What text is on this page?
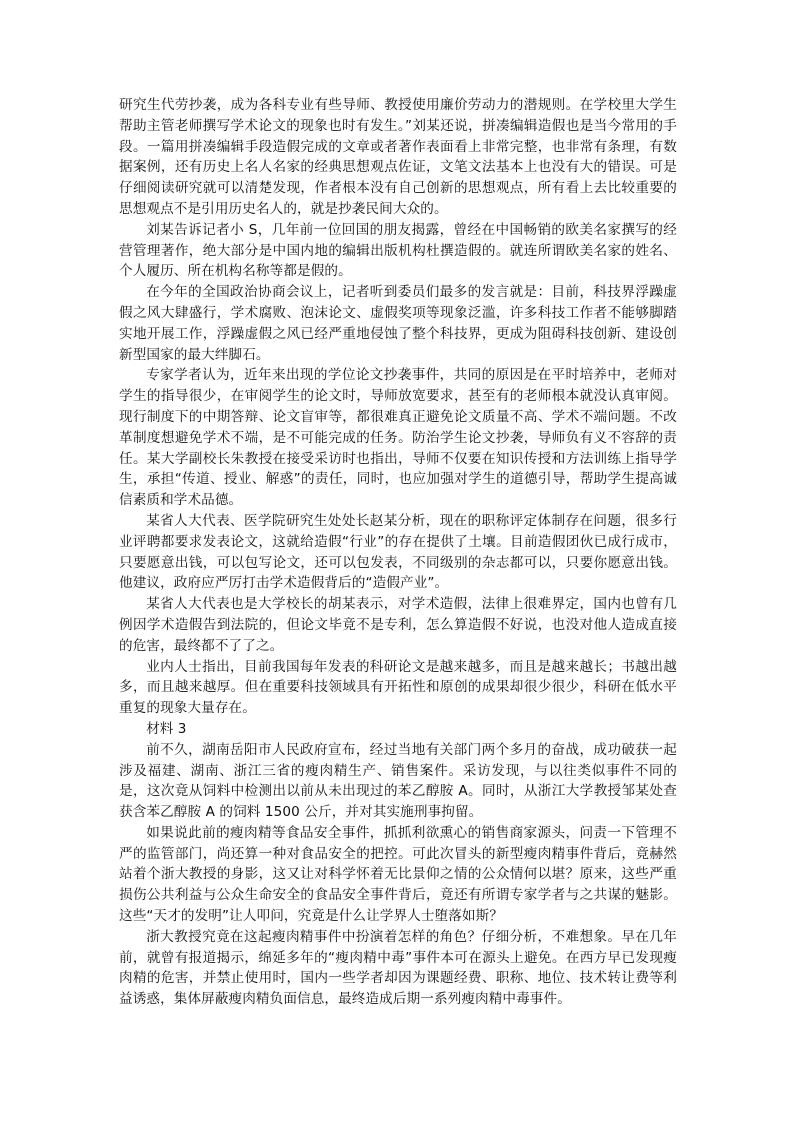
研究生代劳抄袭，成为各科专业有些导师、教授使用廉价劳动力的潜规则。在学校里大学生帮助主管老师撰写学术论文的现象也时有发生。”刘某还说，拼凑编辑造假也是当今常用的手段。一篇用拼凑编辑手段造假完成的文章或者著作表面看上非常完整，也非常有条理，有数据案例，还有历史上名人名家的经典思想观点佐证，文笔文法基本上也没有大的错误。可是仔细阅读研究就可以清楚发现，作者根本没有自己创新的思想观点，所有看上去比较重要的思想观点不是引用历史名人的，就是抄袭民间大众的。

刘某告诉记者小 S，几年前一位回国的朋友揭露，曾经在中国畅销的欧美名家撰写的经营管理著作，绝大部分是中国内地的编辑出版机构杜撰造假的。就连所谓欧美名家的姓名、个人履历、所在机构名称等都是假的。

在今年的全国政治协商会议上，记者听到委员们最多的发言就是：目前，科技界浮躁虚假之风大肆盛行，学术腐败、泡沫论文、虚假奖项等现象泛滥，许多科技工作者不能够脚踏实地开展工作，浮躁虚假之风已经严重地侵蚀了整个科技界，更成为阻碍科技创新、建设创新型国家的最大绊脚石。

专家学者认为，近年来出现的学位论文抄袭事件，共同的原因是在平时培养中，老师对学生的指导很少，在审阅学生的论文时，导师放宽要求，甚至有的老师根本就没认真审阅。现行制度下的中期答辩、论文盲审等，都很难真正避免论文质量不高、学术不端问题。不改革制度想避免学术不端，是不可能完成的任务。防治学生论文抄袭，导师负有义不容辞的责任。某大学副校长朱教授在接受采访时也指出，导师不仅要在知识传授和方法训练上指导学生，承担“传道、授业、解惑”的责任，同时，也应加强对学生的道德引导，帮助学生提高诚信素质和学术品德。

某省人大代表、医学院研究生处处长赵某分析，现在的职称评定体制存在问题，很多行业评聘都要求发表论文，这就给造假“行业”的存在提供了土壤。目前造假团伙已成行成市，只要愿意出钱，可以包写论文，还可以包发表，不同级别的杂志都可以，只要你愿意出钱。他建议，政府应严厉打击学术造假背后的“造假产业”。

某省人大代表也是大学校长的胡某表示，对学术造假，法律上很难界定，国内也曾有几例因学术造假告到法院的，但论文毕竟不是专利，怎么算造假不好说，也没对他人造成直接的危害，最终都不了了之。

业内人士指出，目前我国每年发表的科研论文是越来越多，而且是越来越长；书越出越多，而且越来越厚。但在重要科技领域具有开拓性和原创的成果却很少很少，科研在低水平重复的现象大量存在。

材料 3

前不久，湖南岳阳市人民政府宣布，经过当地有关部门两个多月的奋战，成功破获一起涉及福建、湖南、浙江三省的瘦肉精生产、销售案件。采访发现，与以往类似事件不同的是，这次竟从饲料中检测出以前从未出现过的苯乙醇胺 A。同时，从浙江大学教授邹某处查获含苯乙醇胺 A 的饲料 1500 公斤，并对其实施刑事拘留。

如果说此前的瘦肉精等食品安全事件，抓抓利欲熏心的销售商家源头，问责一下管理不严的监管部门，尚还算一种对食品安全的把控。可此次冒头的新型瘦肉精事件背后，竟赫然站着个浙大教授的身影，这又让对科学怀着无比景仰之情的公众情何以堪？原来，这些严重损伤公共利益与公众生命安全的食品安全事件背后，竟还有所谓专家学者与之共谋的魅影。这些“天才的发明”让人叩问，究竟是什么让学界人士堕落如斯？

浙大教授究竟在这起瘦肉精事件中扮演着怎样的角色？仔细分析，不难想象。早在几年前，就曾有报道揭示，绵延多年的“瘦肉精中毒”事件本可在源头上避免。在西方早已发现瘦肉精的危害，并禁止使用时，国内一些学者却因为课题经费、职称、地位、技术转让费等利益诱惑，集体屏蔽瘦肉精负面信息，最终造成后期一系列瘦肉精中毒事件。
